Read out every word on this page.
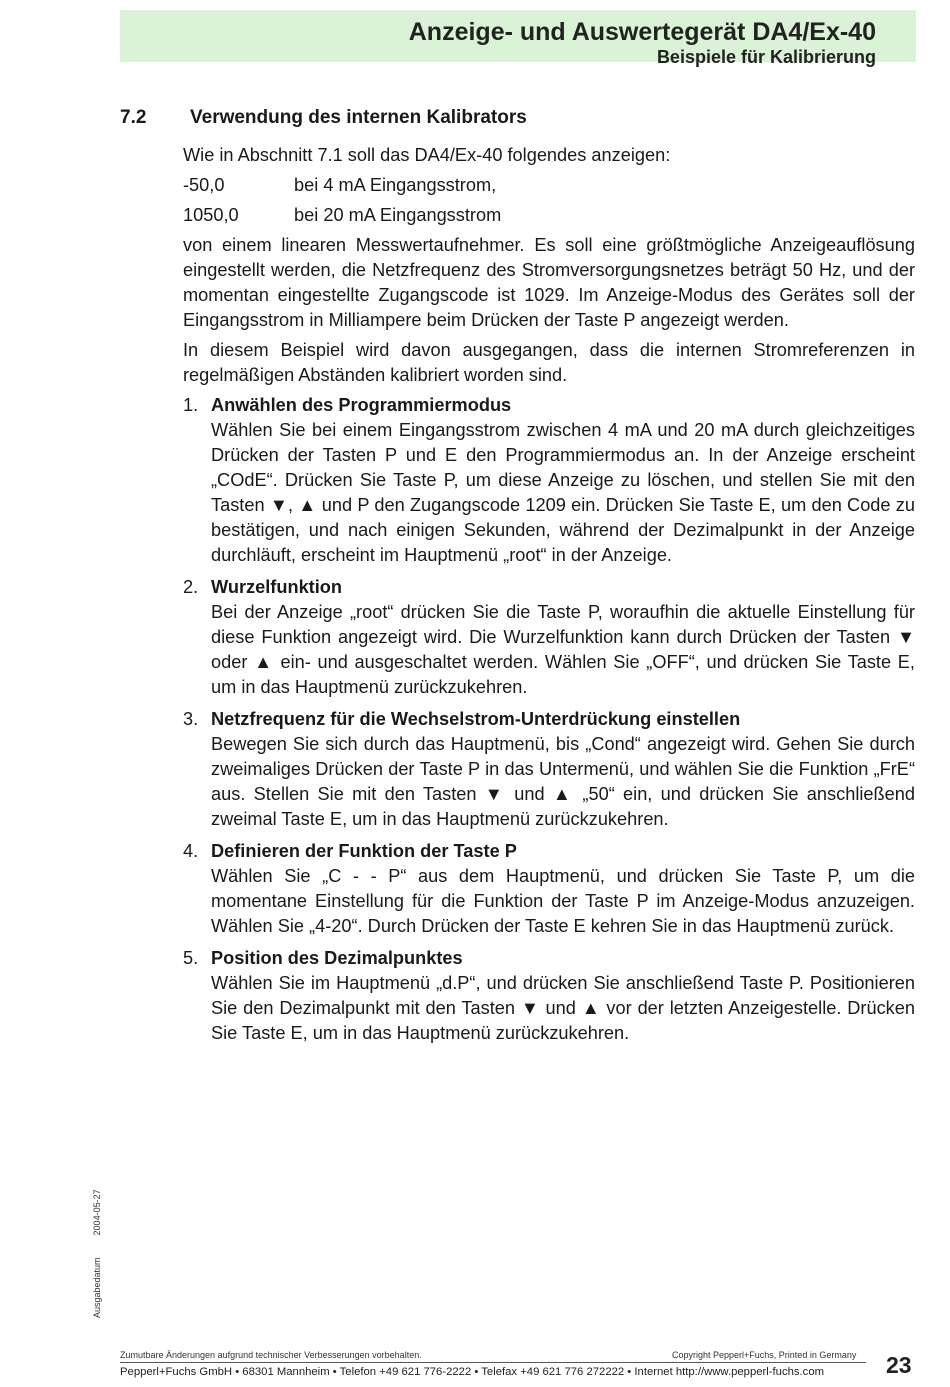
Anzeige- und Auswertegerät DA4/Ex-40
Beispiele für Kalibrierung
7.2 Verwendung des internen Kalibrators

Wie in Abschnitt 7.1 soll das DA4/Ex-40 folgendes anzeigen:

-50,0	bei 4 mA Eingangsstrom,
1050,0	bei 20 mA Eingangsstrom

von einem linearen Messwertaufnehmer. Es soll eine größtmögliche Anzeigeauflösung eingestellt werden, die Netzfrequenz des Stromversorgungsnetzes beträgt 50 Hz, und der momentan eingestellte Zugangscode ist 1029. Im Anzeige-Modus des Gerätes soll der Eingangsstrom in Milliampere beim Drücken der Taste P angezeigt werden.

In diesem Beispiel wird davon ausgegangen, dass die internen Stromreferenzen in regelmäßigen Abständen kalibriert worden sind.

1. Anwählen des Programmiermodus
Wählen Sie bei einem Eingangsstrom zwischen 4 mA und 20 mA durch gleichzeitiges Drücken der Tasten P und E den Programmiermodus an. In der Anzeige erscheint „COdE“. Drücken Sie Taste P, um diese Anzeige zu löschen, und stellen Sie mit den Tasten ▼, ▲ und P den Zugangscode 1209 ein. Drücken Sie Taste E, um den Code zu bestätigen, und nach einigen Sekunden, während der Dezimalpunkt in der Anzeige durchläuft, erscheint im Hauptmenü „root“ in der Anzeige.
2. Wurzelfunktion
Bei der Anzeige „root“ drücken Sie die Taste P, woraufhin die aktuelle Einstellung für diese Funktion angezeigt wird. Die Wurzelfunktion kann durch Drücken der Tasten ▼ oder ▲ ein- und ausgeschaltet werden. Wählen Sie „OFF“, und drücken Sie Taste E, um in das Hauptmenü zurückzukehren.
3. Netzfrequenz für die Wechselstrom-Unterdrückung einstellen
Bewegen Sie sich durch das Hauptmenü, bis „Cond“ angezeigt wird. Gehen Sie durch zweimaliges Drücken der Taste P in das Untermenü, und wählen Sie die Funktion „FrE“ aus. Stellen Sie mit den Tasten ▼ und ▲ „50“ ein, und drücken Sie anschließend zweimal Taste E, um in das Hauptmenü zurückzukehren.
4. Definieren der Funktion der Taste P
Wählen Sie „C - - P“ aus dem Hauptmenü, und drücken Sie Taste P, um die momentane Einstellung für die Funktion der Taste P im Anzeige-Modus anzuzeigen. Wählen Sie „4-20“. Durch Drücken der Taste E kehren Sie in das Hauptmenü zurück.
5. Position des Dezimalpunktes
Wählen Sie im Hauptmenü „d.P“, und drücken Sie anschließend Taste P. Positionieren Sie den Dezimalpunkt mit den Tasten ▼ und ▲ vor der letzten Anzeigestelle. Drücken Sie Taste E, um in das Hauptmenü zurückzukehren.
Ausgabedatum2004-05-27
Zumutbare Änderungen aufgrund technischer Verbesserungen vorbehalten.	Copyright Pepperl+Fuchs, Printed in Germany
Pepperl+Fuchs GmbH • 68301 Mannheim • Telefon +49 621 776-2222 • Telefax +49 621 776 272222 • Internet http://www.pepperl-fuchs.com	23
